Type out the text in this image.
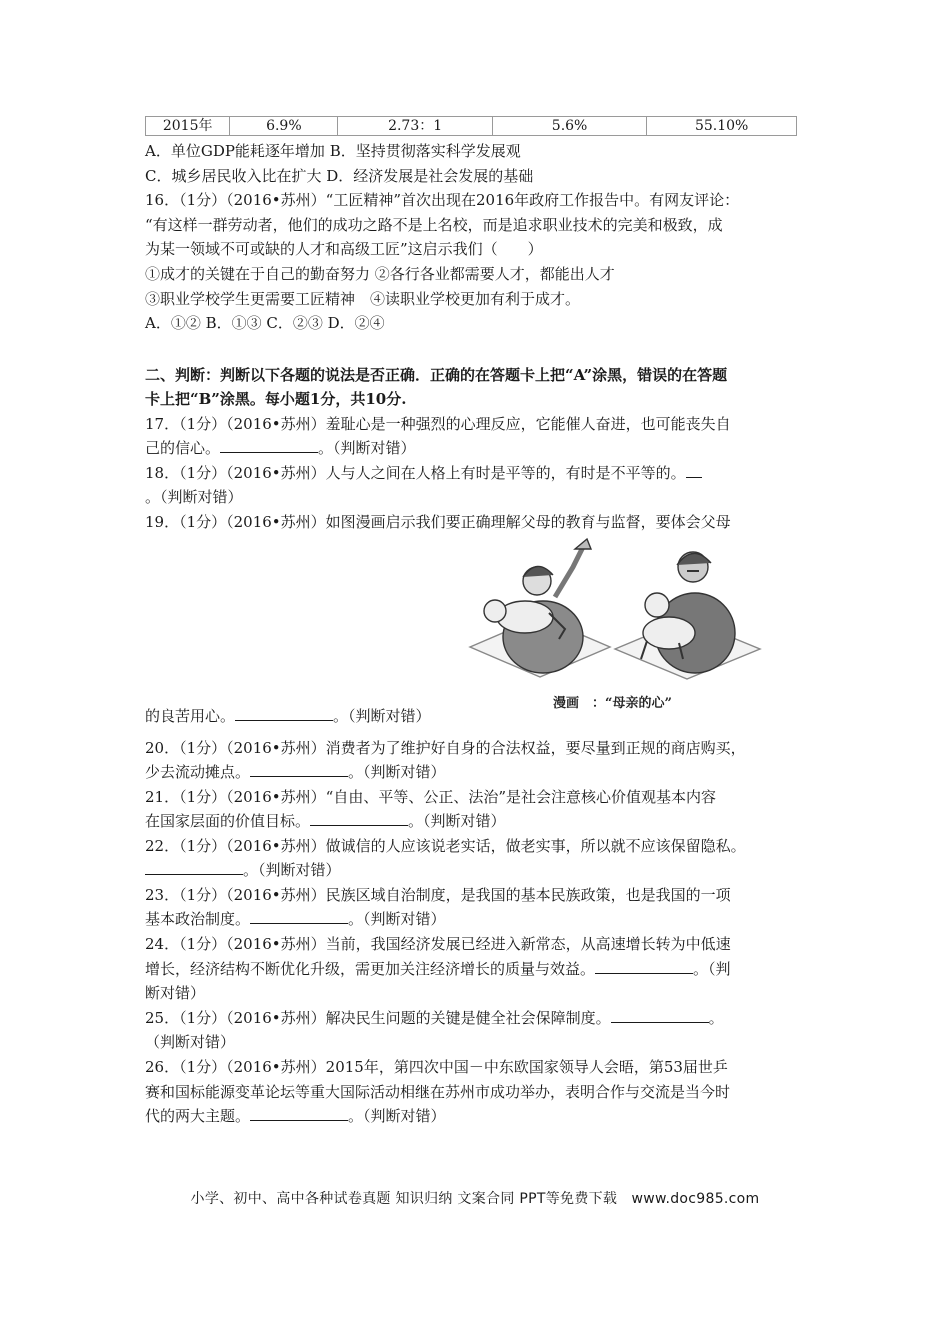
2015年	6.9%	2.73：1	5.6%	55.10%
A．单位GDP能耗逐年增加 B．坚持贯彻落实科学发展观
C．城乡居民收入比在扩大 D．经济发展是社会发展的基础
16．（1分）（2016•苏州）“工匠精神”首次出现在2016年政府工作报告中。有网友评论：
“有这样一群劳动者，他们的成功之路不是上名校，而是追求职业技术的完美和极致，成
为某一领域不可或缺的人才和高级工匠”这启示我们（　　）
①成才的关键在于自己的勤奋努力 ②各行各业都需要人才，都能出人才
③职业学校学生更需要工匠精神　④读职业学校更加有利于成才。
A．①② B．①③ C．②③ D．②④
二、判断：判断以下各题的说法是否正确．正确的在答题卡上把“A”涂黑，错误的在答题
卡上把“B”涂黑。每小题1分，共10分.
17．（1分）（2016•苏州）羞耻心是一种强烈的心理反应，它能催人奋进，也可能丧失自
己的信心。	。（判断对错）
18．（1分）（2016•苏州）人与人之间在人格上有时是平等的，有时是不平等的。
。（判断对错）
19．（1分）（2016•苏州）如图漫画启示我们要正确理解父母的教育与监督，要体会父母
漫画　：“母亲的心”
的良苦用心。	。（判断对错）
20．（1分）（2016•苏州）消费者为了维护好自身的合法权益，要尽量到正规的商店购买，
少去流动摊点。	。（判断对错）
21．（1分）（2016•苏州）“自由、平等、公正、法治”是社会注意核心价值观基本内容
在国家层面的价值目标。	。（判断对错）
22．（1分）（2016•苏州）做诚信的人应该说老实话，做老实事，所以就不应该保留隐私。
。（判断对错）
23．（1分）（2016•苏州）民族区域自治制度，是我国的基本民族政策，也是我国的一项
基本政治制度。	。（判断对错）
24．（1分）（2016•苏州）当前，我国经济发展已经进入新常态，从高速增长转为中低速
增长，经济结构不断优化升级，需更加关注经济增长的质量与效益。	。（判
断对错）
25．（1分）（2016•苏州）解决民生问题的关键是健全社会保障制度。	。
（判断对错）
26．（1分）（2016•苏州）2015年，第四次中国－中东欧国家领导人会晤，第53届世乒
赛和国标能源变革论坛等重大国际活动相继在苏州市成功举办，表明合作与交流是当今时
代的两大主题。	。（判断对错）
小学、初中、高中各种试卷真题 知识归纳 文案合同 PPT等免费下载　www.doc985.com
